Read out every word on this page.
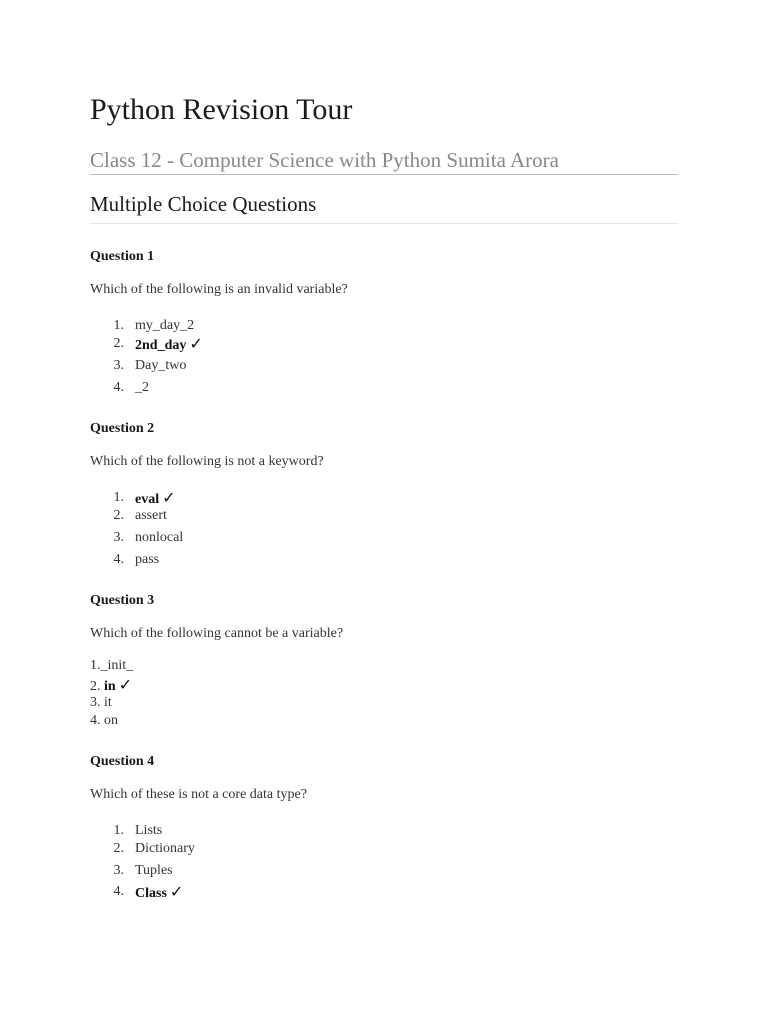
Python Revision Tour
Class 12 - Computer Science with Python Sumita Arora
Multiple Choice Questions

Question 1

Which of the following is an invalid variable?

1. my_day_2
2. 2nd_day ✓
3. Day_two
4. _2

Question 2

Which of the following is not a keyword?

1. eval ✓
2. assert
3. nonlocal
4. pass

Question 3

Which of the following cannot be a variable?

1._init_
2. in ✓
3. it
4. on

Question 4

Which of these is not a core data type?

1. Lists
2. Dictionary
3. Tuples
4. Class ✓
